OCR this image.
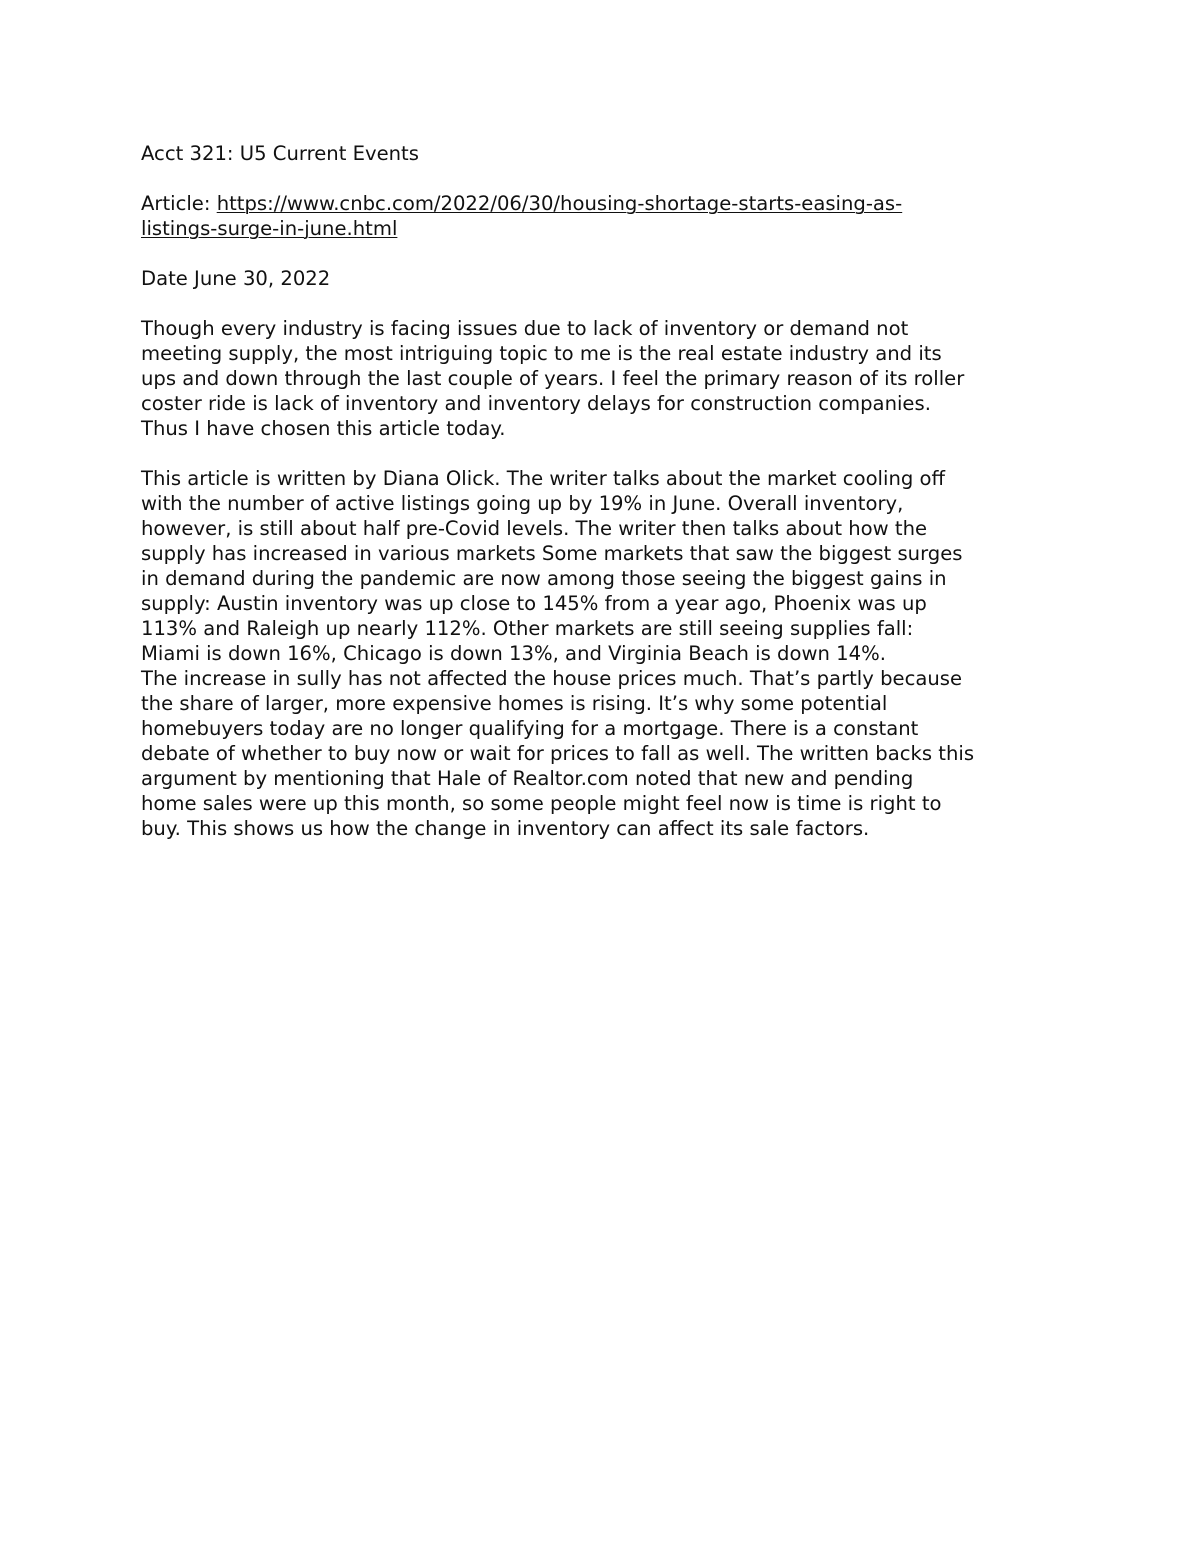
Acct 321: U5 Current Events
Article: https://www.cnbc.com/2022/06/30/housing-shortage-starts-easing-as-
listings-surge-in-june.html
Date June 30, 2022
Though every industry is facing issues due to lack of inventory or demand not
meeting supply, the most intriguing topic to me is the real estate industry and its
ups and down through the last couple of years. I feel the primary reason of its roller
coster ride is lack of inventory and inventory delays for construction companies.
Thus I have chosen this article today.
This article is written by Diana Olick. The writer talks about the market cooling off
with the number of active listings going up by 19% in June. Overall inventory,
however, is still about half pre-Covid levels. The writer then talks about how the
supply has increased in various markets Some markets that saw the biggest surges
in demand during the pandemic are now among those seeing the biggest gains in
supply: Austin inventory was up close to 145% from a year ago, Phoenix was up
113% and Raleigh up nearly 112%. Other markets are still seeing supplies fall:
Miami is down 16%, Chicago is down 13%, and Virginia Beach is down 14%.
The increase in sully has not affected the house prices much. That’s partly because
the share of larger, more expensive homes is rising. It’s why some potential
homebuyers today are no longer qualifying for a mortgage. There is a constant
debate of whether to buy now or wait for prices to fall as well. The written backs this
argument by mentioning that Hale of Realtor.com noted that new and pending
home sales were up this month, so some people might feel now is time is right to
buy. This shows us how the change in inventory can affect its sale factors.
